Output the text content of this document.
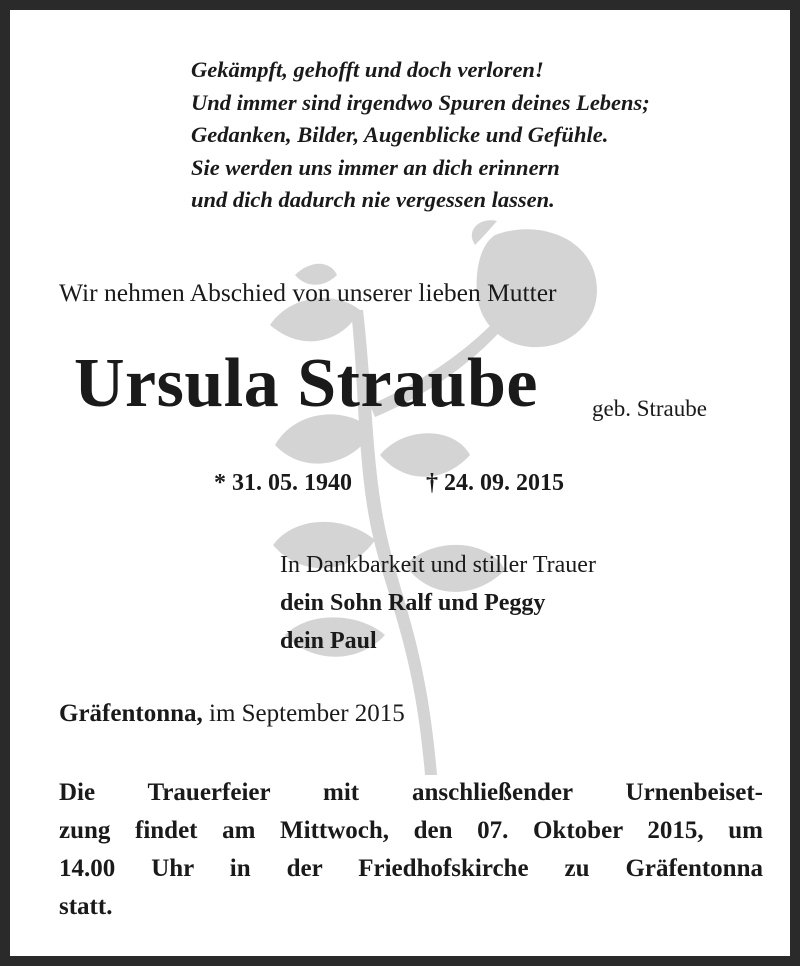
Gekämpft, gehofft und doch verloren!
Und immer sind irgendwo Spuren deines Lebens;
Gedanken, Bilder, Augenblicke und Gefühle.
Sie werden uns immer an dich erinnern
und dich dadurch nie vergessen lassen.
Wir nehmen Abschied von unserer lieben Mutter
Ursula Straube geb. Straube
* 31. 05. 1940	† 24. 09. 2015
In Dankbarkeit und stiller Trauer
dein Sohn Ralf und Peggy
dein Paul
Gräfentonna, im September 2015
Die Trauerfeier mit anschließender Urnenbeiset-
zung findet am Mittwoch, den 07. Oktober 2015, um
14.00 Uhr in der Friedhofskirche zu Gräfentonna
statt.
